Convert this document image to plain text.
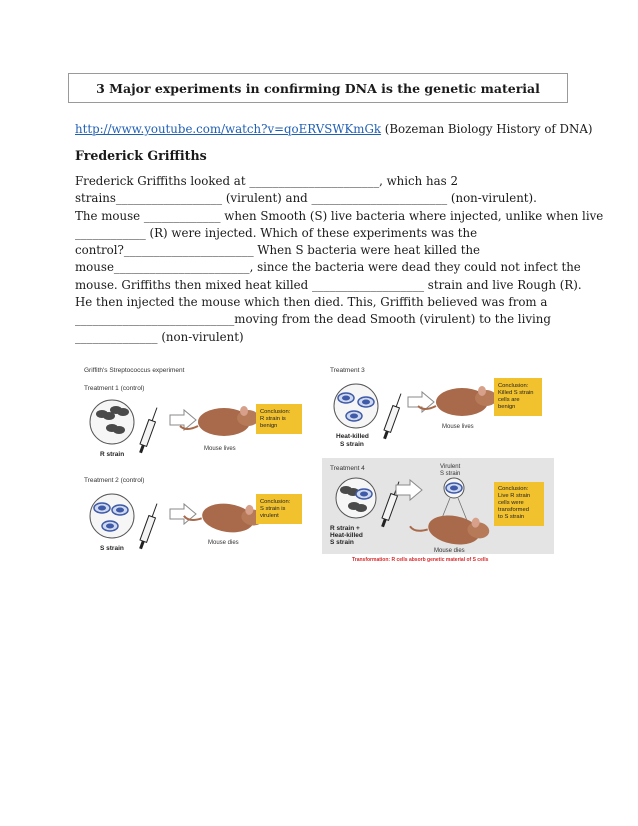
3 Major experiments in confirming DNA is the genetic material
http://www.youtube.com/watch?v=qoERVSWKmGk (Bozeman Biology History of DNA)
Frederick Griffiths
Frederick Griffiths looked at ______________________, which has 2
strains__________________ (virulent) and _______________________ (non-virulent).
The mouse _____________ when Smooth (S) live bacteria where injected, unlike when live
____________ (R) were injected. Which of these experiments was the
control?______________________ When S bacteria were heat killed the
mouse_______________________, since the bacteria were dead they could not infect the
mouse. Griffiths then mixed heat killed ___________________ strain and live Rough (R).
He then injected the mouse which then died. This, Griffith believed was from a
___________________________moving from the dead Smooth (virulent) to the living
______________ (non-virulent)
Griffith's Streptococcus experiment
Treatment 1 (control)
R strain
Mouse lives
Conclusion:
R strain is
benign
Treatment 2 (control)
S strain
Mouse dies
Conclusion:
S strain is
virulent
Treatment 3
Heat-killed
S strain
Mouse lives
Conclusion:
Killed S strain
cells are
benign
Treatment 4	Virulent
S strain
R strain +
Heat-killed
S strain
Mouse dies
Conclusion:
Live R strain
cells were
transformed
to S strain
Transformation: R cells absorb genetic material of S cells
